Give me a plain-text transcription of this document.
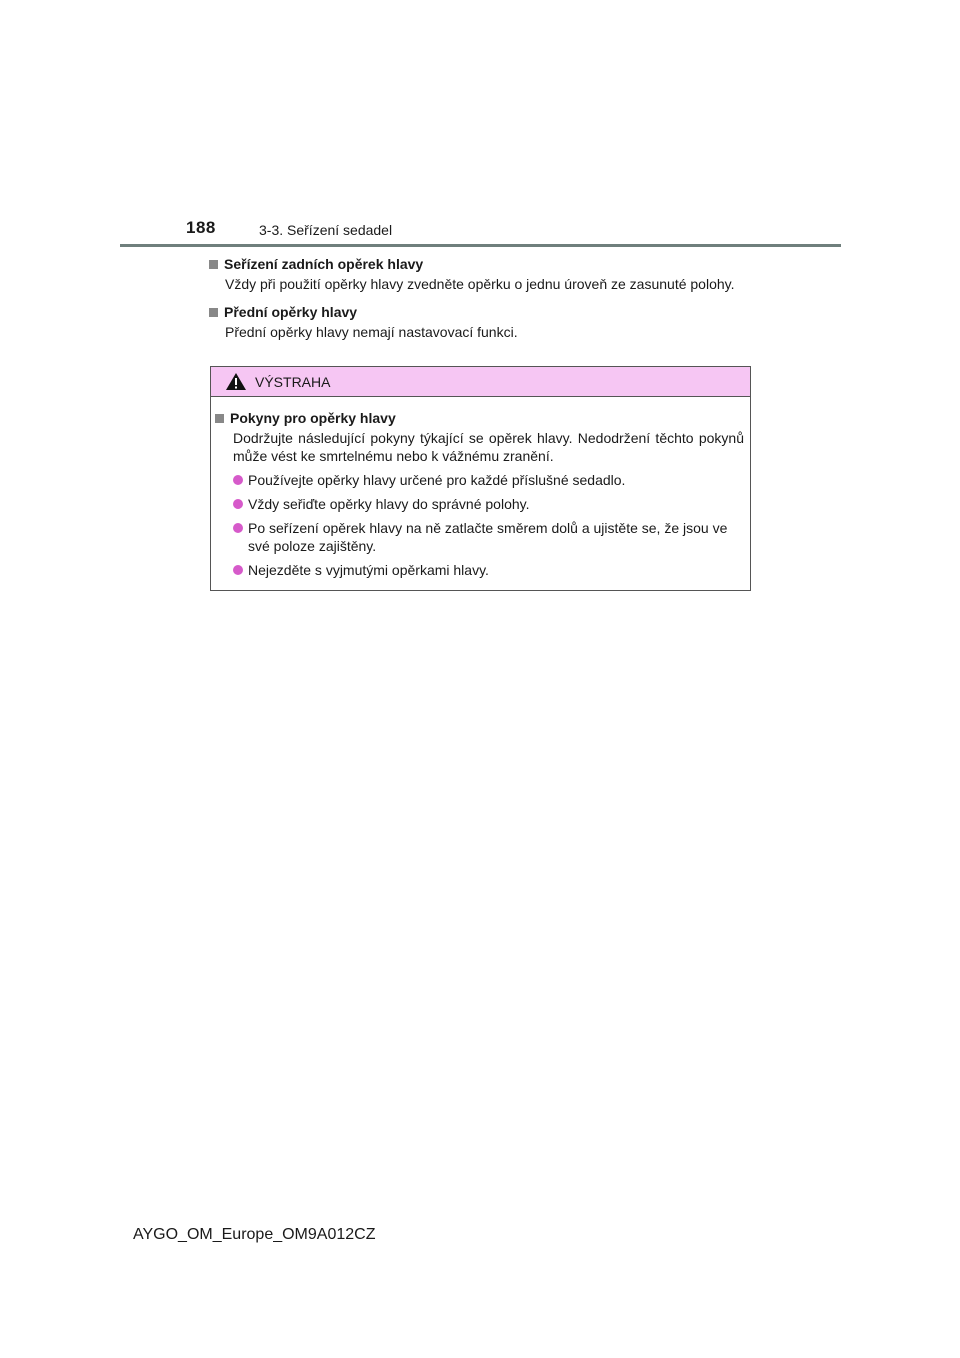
188	3-3. Seřízení sedadel

Seřízení zadních opěrek hlavy

Vždy při použití opěrky hlavy zvedněte opěrku o jednu úroveň ze zasunuté polohy.

Přední opěrky hlavy

Přední opěrky hlavy nemají nastavovací funkci.

VÝSTRAHA

Pokyny pro opěrky hlavy

Dodržujte následující pokyny týkající se opěrek hlavy. Nedodržení těchto pokynů může vést ke smrtelnému nebo k vážnému zranění.

Používejte opěrky hlavy určené pro každé příslušné sedadlo.
Vždy seřiďte opěrky hlavy do správné polohy.
Po seřízení opěrek hlavy na ně zatlačte směrem dolů a ujistěte se, že jsou ve své poloze zajištěny.
Nejezděte s vyjmutými opěrkami hlavy.
AYGO_OM_Europe_OM9A012CZ
